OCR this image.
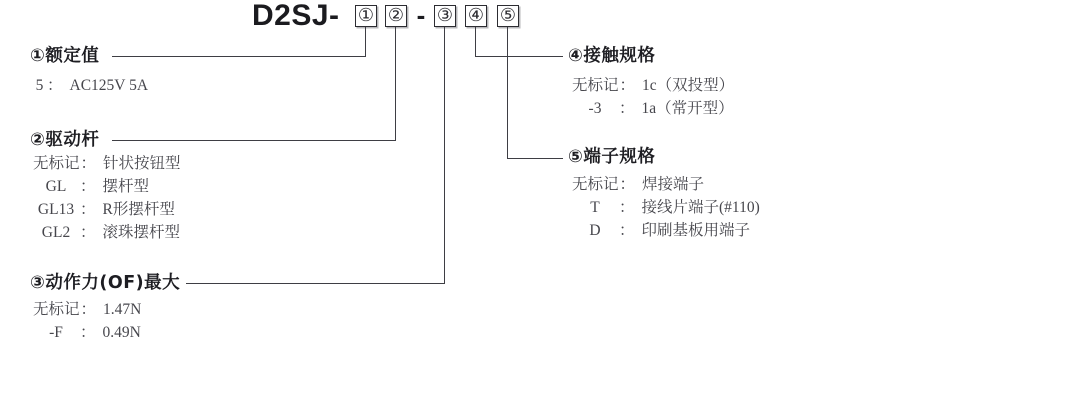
D2SJ- ① ② - ③ ④ ⑤
①额定值
5 ： AC125V 5A
②驱动杆
无标记： 针状按钮型
GL ： 摆杆型
GL13 ： R形摆杆型
GL2 ： 滚珠摆杆型
③动作力(OF)最大
无标记： 1.47N
-F ： 0.49N
④接触规格
无标记： 1c（双投型）
-3 ： 1a（常开型）
⑤端子规格
无标记： 焊接端子
T ： 接线片端子(#110)
D ： 印刷基板用端子
